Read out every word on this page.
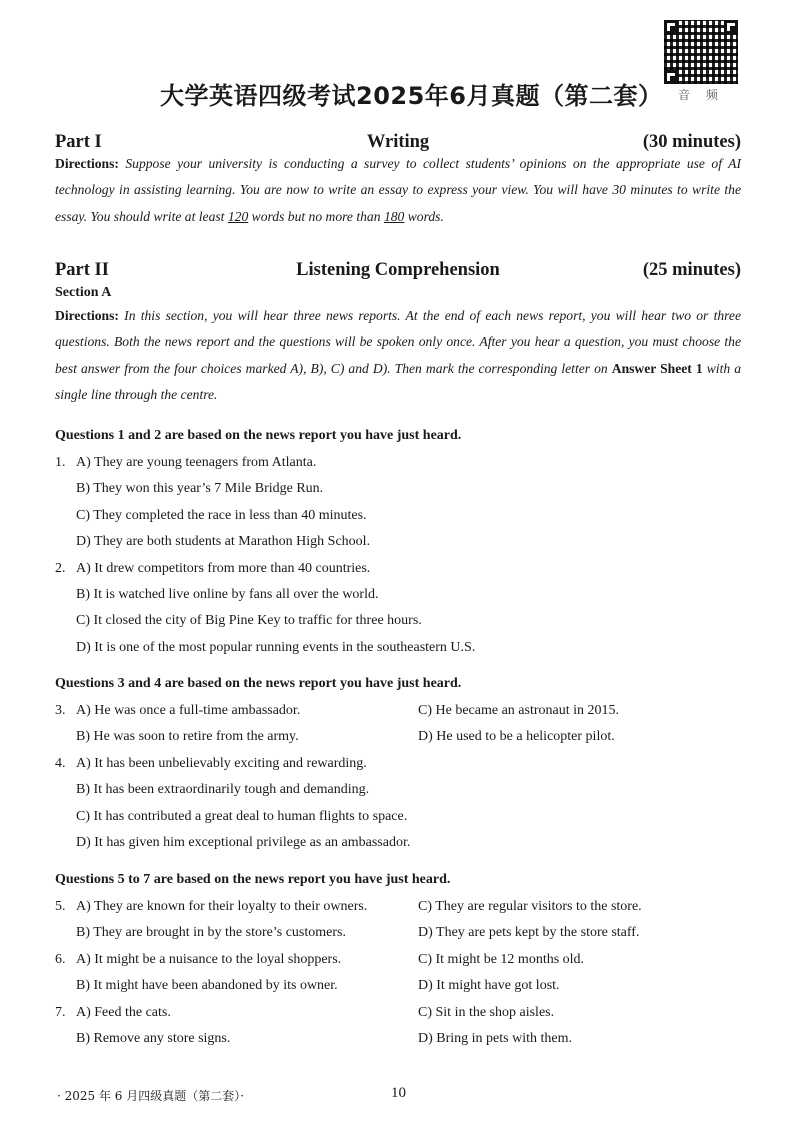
大学英语四级考试2025年6月真题（第二套） 音 频
Part I	Writing	(30 minutes)
Directions: Suppose your university is conducting a survey to collect students’ opinions on the appropriate use of AI technology in assisting learning. You are now to write an essay to express your view. You will have 30 minutes to write the essay. You should write at least 120 words but no more than 180 words.
Part II	Listening Comprehension	(25 minutes)
Section A
Directions: In this section, you will hear three news reports. At the end of each news report, you will hear two or three questions. Both the news report and the questions will be spoken only once. After you hear a question, you must choose the best answer from the four choices marked A), B), C) and D). Then mark the corresponding letter on Answer Sheet 1 with a single line through the centre.
Questions 1 and 2 are based on the news report you have just heard.
1. A) They are young teenagers from Atlanta.
B) They won this year’s 7 Mile Bridge Run.
C) They completed the race in less than 40 minutes.
D) They are both students at Marathon High School.
2. A) It drew competitors from more than 40 countries.
B) It is watched live online by fans all over the world.
C) It closed the city of Big Pine Key to traffic for three hours.
D) It is one of the most popular running events in the southeastern U.S.
Questions 3 and 4 are based on the news report you have just heard.
3. A) He was once a full-time ambassador.	C) He became an astronaut in 2015.
B) He was soon to retire from the army.	D) He used to be a helicopter pilot.
4. A) It has been unbelievably exciting and rewarding.
B) It has been extraordinarily tough and demanding.
C) It has contributed a great deal to human flights to space.
D) It has given him exceptional privilege as an ambassador.
Questions 5 to 7 are based on the news report you have just heard.
5. A) They are known for their loyalty to their owners.	C) They are regular visitors to the store.
B) They are brought in by the store’s customers.	D) They are pets kept by the store staff.
6. A) It might be a nuisance to the loyal shoppers.	C) It might be 12 months old.
B) It might have been abandoned by its owner.	D) It might have got lost.
7. A) Feed the cats.	C) Sit in the shop aisles.
B) Remove any store signs.	D) Bring in pets with them.
· 2025 年 6 月四级真题（第二套）·	10
